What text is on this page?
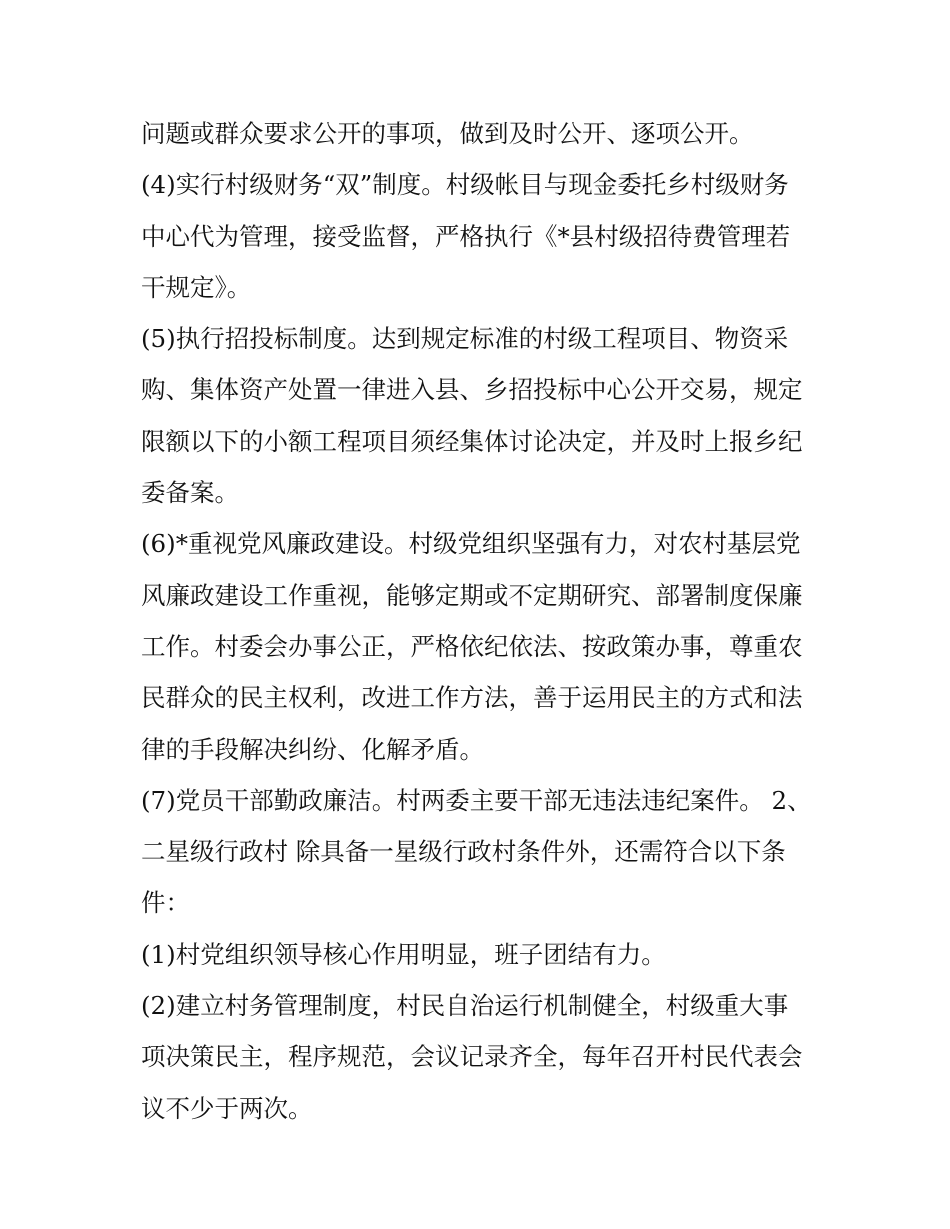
问题或群众要求公开的事项，做到及时公开、逐项公开。
(4)实行村级财务“双”制度。村级帐目与现金委托乡村级财务
中心代为管理，接受监督，严格执行《*县村级招待费管理若
干规定》。
(5)执行招投标制度。达到规定标准的村级工程项目、物资采
购、集体资产处置一律进入县、乡招投标中心公开交易，规定
限额以下的小额工程项目须经集体讨论决定，并及时上报乡纪
委备案。
(6)*重视党风廉政建设。村级党组织坚强有力，对农村基层党
风廉政建设工作重视，能够定期或不定期研究、部署制度保廉
工作。村委会办事公正，严格依纪依法、按政策办事，尊重农
民群众的民主权利，改进工作方法，善于运用民主的方式和法
律的手段解决纠纷、化解矛盾。
(7)党员干部勤政廉洁。村两委主要干部无违法违纪案件。 2、
二星级行政村 除具备一星级行政村条件外，还需符合以下条
件：
(1)村党组织领导核心作用明显，班子团结有力。
(2)建立村务管理制度，村民自治运行机制健全，村级重大事
项决策民主，程序规范，会议记录齐全，每年召开村民代表会
议不少于两次。
